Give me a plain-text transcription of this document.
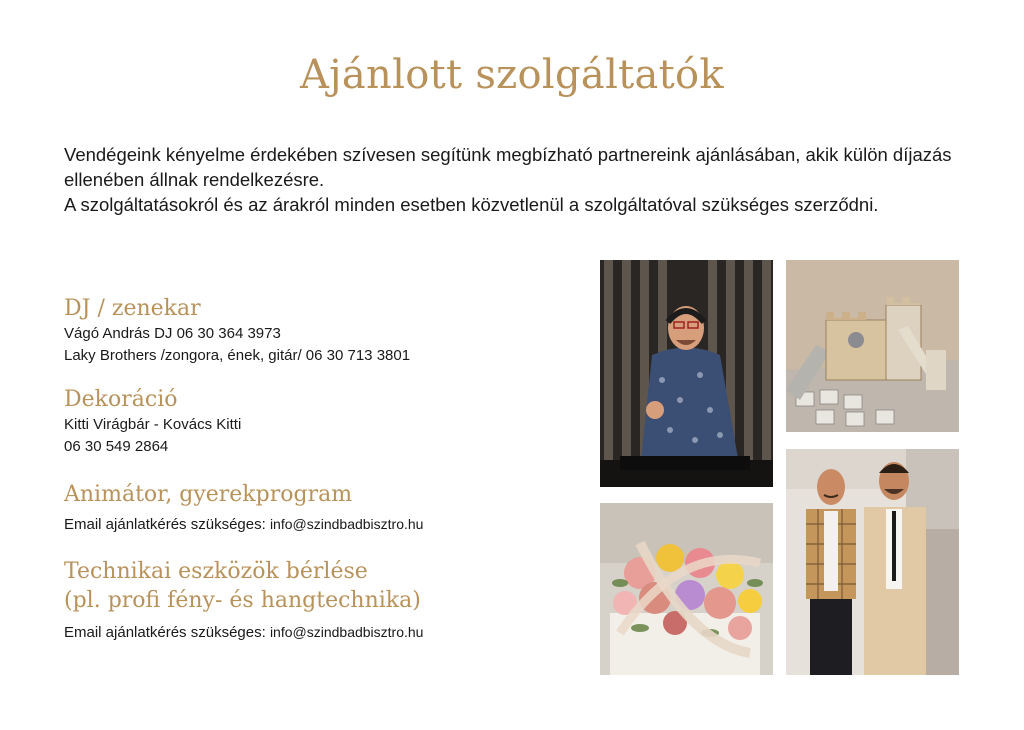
Ajánlott szolgáltatók

Vendégeink kényelme érdekében szívesen segítünk megbízható partnereink ajánlásában, akik külön díjazás ellenében állnak rendelkezésre.

A szolgáltatásokról és az árakról minden esetben közvetlenül a szolgáltatóval szükséges szerződni.

DJ / zenekar
Vágó András DJ 06 30 364 3973
Laky Brothers /zongora, ének, gitár/ 06 30 713 3801
Dekoráció
Kitti Virágbár - Kovács Kitti
06 30 549 2864
Animátor, gyerekprogram
Email ajánlatkérés szükséges: info@szindbadbisztro.hu
Technikai eszközök bérlése
(pl. profi fény- és hangtechnika)
Email ajánlatkérés szükséges: info@szindbadbisztro.hu
